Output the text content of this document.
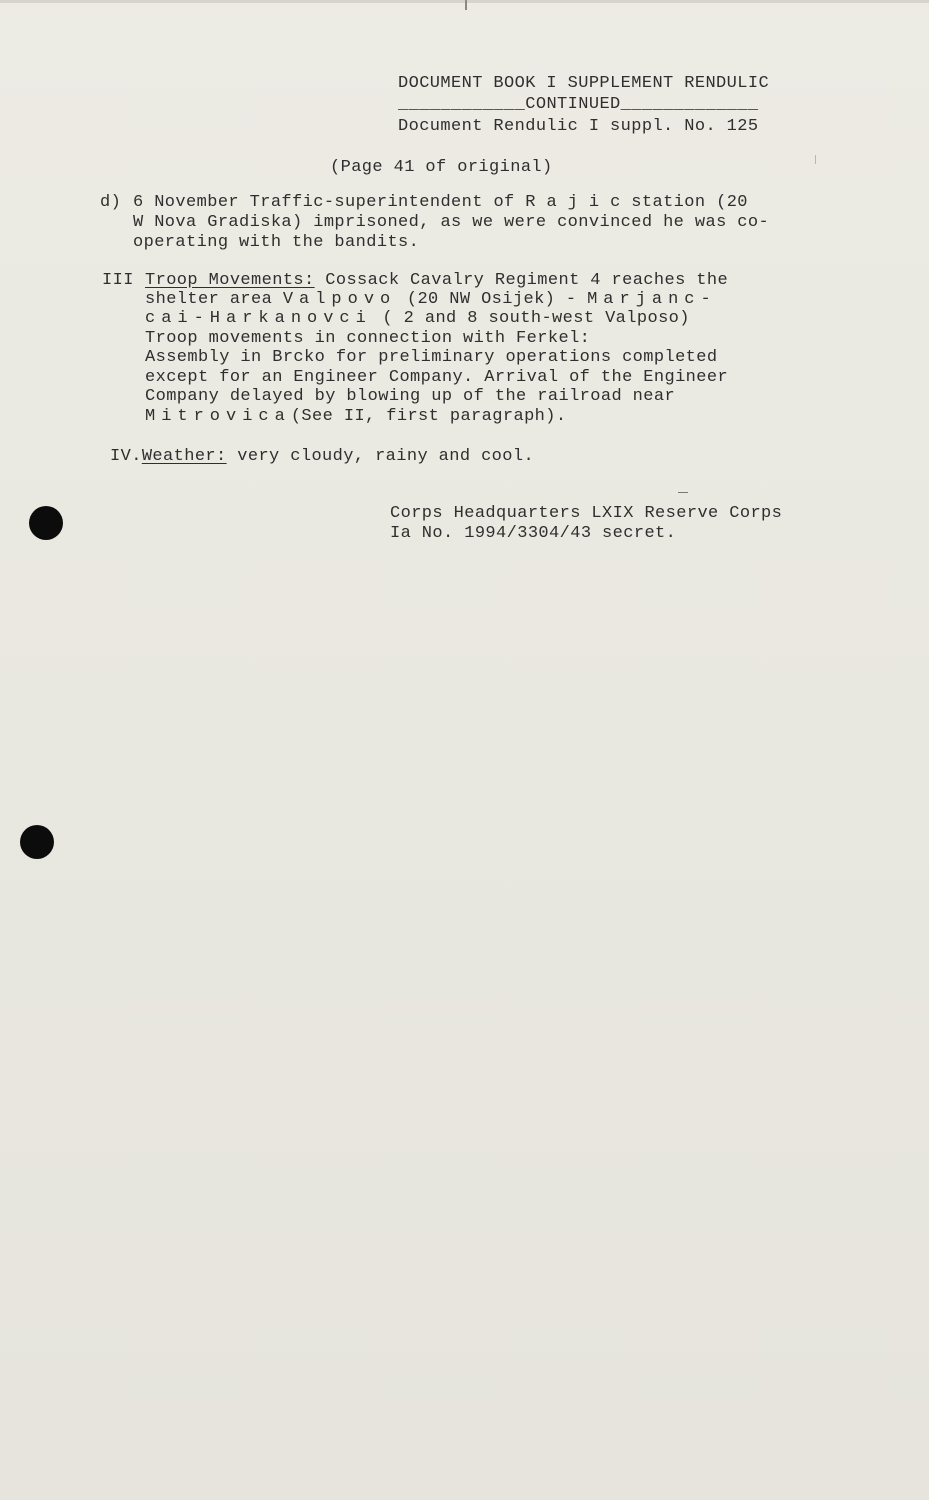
DOCUMENT BOOK I SUPPLEMENT RENDULIC
____________CONTINUED_____________
Document Rendulic I suppl. No. 125
(Page 41 of original)
d) 6 November Traffic-superintendent of R a j i c station (20
W Nova Gradiska) imprisoned, as we were convinced he was co-
operating with the bandits.
III Troop Movements: Cossack Cavalry Regiment 4 reaches the
shelter area Valpovo (20 NW Osijek) - Marjanc-
cai-Harkanovci ( 2 and 8 south-west Valposo)
Troop movements in connection with Ferkel:
Assembly in Brcko for preliminary operations completed
except for an Engineer Company. Arrival of the Engineer
Company delayed by blowing up of the railroad near
Mitrovica(See II, first paragraph).
IV.Weather: very cloudy, rainy and cool.
Corps Headquarters LXIX Reserve Corps
Ia No. 1994/3304/43 secret.
